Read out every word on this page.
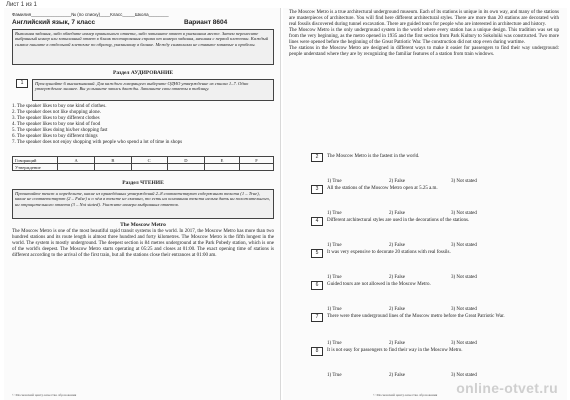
Лист 1 из 1
Фамилия________________№ (по списку)____Класс_____Школа________
Английский язык, 7 класс	Вариант 8604
Выполняя задания, либо обведите номер правильного ответа, либо запишите ответ в указанном месте. Затем перенесите выбранный номер или записанный ответ в бланк тестирования справа от номера задания, начиная с первой клеточки. Каждый символ пишите в отдельной клеточке по образцу, указанному в бланке. Между символами не ставьте запятые и пробелы.
Раздел АУДИРОВАНИЕ
1	Прослушайте 6 высказываний. Для каждого говорящего выберите ОДНО утверждение из списка 1–7. Одно утверждение лишнее. Вы услышите запись дважды. Запишите свои ответы в таблицу.
1. The speaker likes to buy one kind of clothes.
2. The speaker does not like shopping alone.
3. The speaker likes to buy different clothes
4. The speaker likes to buy one kind of food
5. The speaker likes doing his/her shopping fast
6. The speaker likes to buy different things
7. The speaker does not enjoy shopping with people who spend a lot of time in shops
Говорящий	A	B	C	D	E	F
Утверждение						
Раздел ЧТЕНИЕ
Прочитайте текст и определите, какие из приведённых утверждений 2–8 соответствуют содержанию текста (1 – True), какие не соответствуют (2 – False) и о чём в тексте не сказано, то есть на основании текста нельзя дать ни положительного, ни отрицательного ответа (3 – Not stated). Укажите номера выбранных ответов.
The Moscow Metro
The Moscow Metro is one of the most beautiful rapid transit systems in the world. In 2017, the Moscow Metro has more than two hundred stations and its route length is almost three hundred and forty kilometres. The Moscow Metro is the fifth longest in the world. The system is mostly underground. The deepest section is 84 metres underground at the Park Pobedy station, which is one of the world's deepest. The Moscow Metro starts operating at 05:25 and closes at 01:00. The exact opening time of stations is different according to the arrival of the first train, but all the stations close their entrances at 01:00 am.
© Московский центр качества образования
The Moscow Metro is a true architectural underground museum. Each of its stations is unique in its own way, and many of the stations are masterpieces of architecture. You will find here different architectural styles. There are more than 20 stations are decorated with real fossils discovered during tunnel excavation. There are guided tours for people who are interested in architecture and history.
The Moscow Metro is the only underground system in the world where every station has a unique design. This tradition was set up from the very beginning, as the metro opened in 1935 and the first section from Park Kultury to Sokolniki was constructed. Two more lines were opened before the beginning of the Great Patriotic War. The construction did not stop even during wartime.
The stations in the Moscow Metro are designed in different ways to make it easier for passengers to find their way underground: people understand where they are by recognizing the familiar features of a station from train windows.
2	The Moscow Metro is the fastest in the world.
1) True	2) False	3) Not stated
3	All the stations of the Moscow Metro open at 5.25 a.m.
1) True	2) False	3) Not stated
4	Different architectural styles are used in the decorations of the stations.
1) True	2) False	3) Not stated
5	It was very expensive to decorate 20 stations with real fossils.
1) True	2) False	3) Not stated
6	Guided tours are not allowed in the Moscow Metro.
1) True	2) False	3) Not stated
7	There were three underground lines of the Moscow metro before the Great Patriotic War.
1) True	2) False	3) Not stated
8	It is not easy for passengers to find their way in the Moscow Metro.
1) True	2) False	3) Not stated
© Московский центр качества образования online-otvet.ru
